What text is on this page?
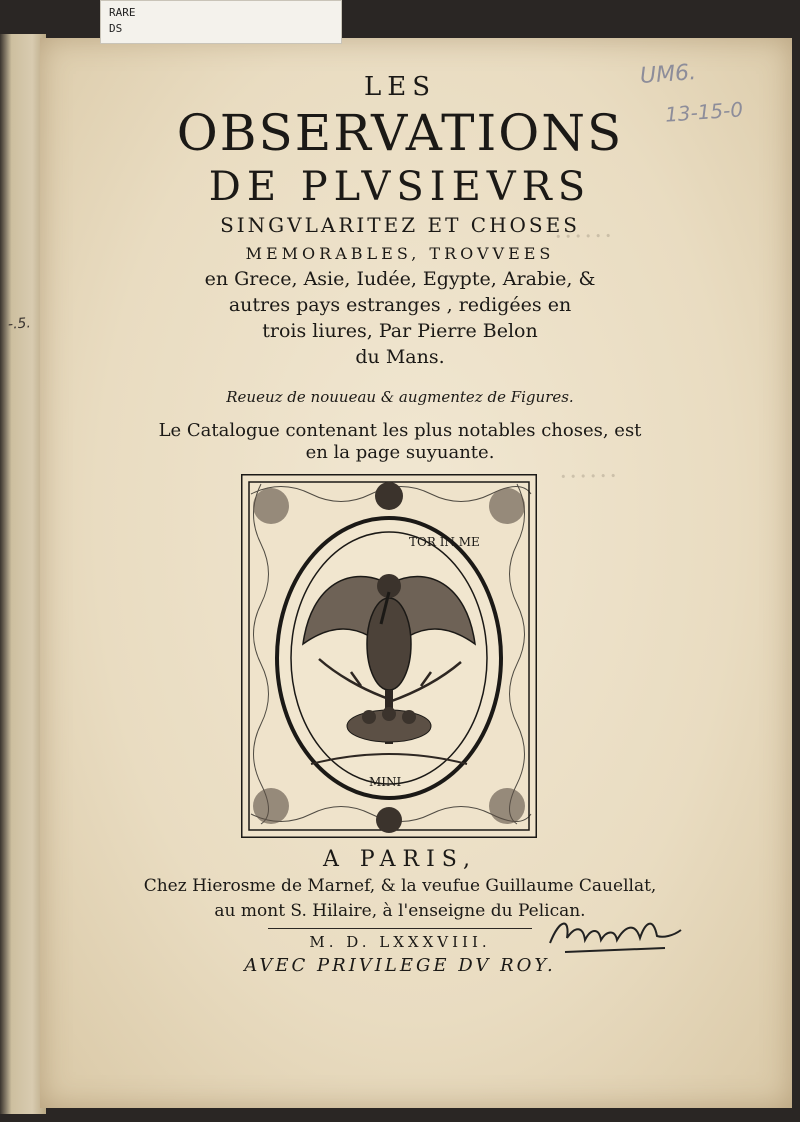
RARE
DS
UM6.
13-15-0
-.5.
• • • • • •
• • • • • •
LES
OBSERVATIONS
DE PLVSIEVRS
SINGVLARITEZ ET CHOSES
MEMORABLES, TROVVEES
en Grece, Asie, Iudée, Egypte, Arabie, &
autres pays estranges , redigées en
trois liures, Par Pierre Belon
du Mans.
Reueuz de nouueau & augmentez de Figures.
Le Catalogue contenant les plus notables choses, est
en la page suyuante.
TOR IN ME
MINI
A PARIS,
Chez Hierosme de Marnef, & la veufue Guillaume Cauellat,
au mont S. Hilaire, à l'enseigne du Pelican.
M. D. LXXXVIII.
AVEC PRIVILEGE DV ROY.
